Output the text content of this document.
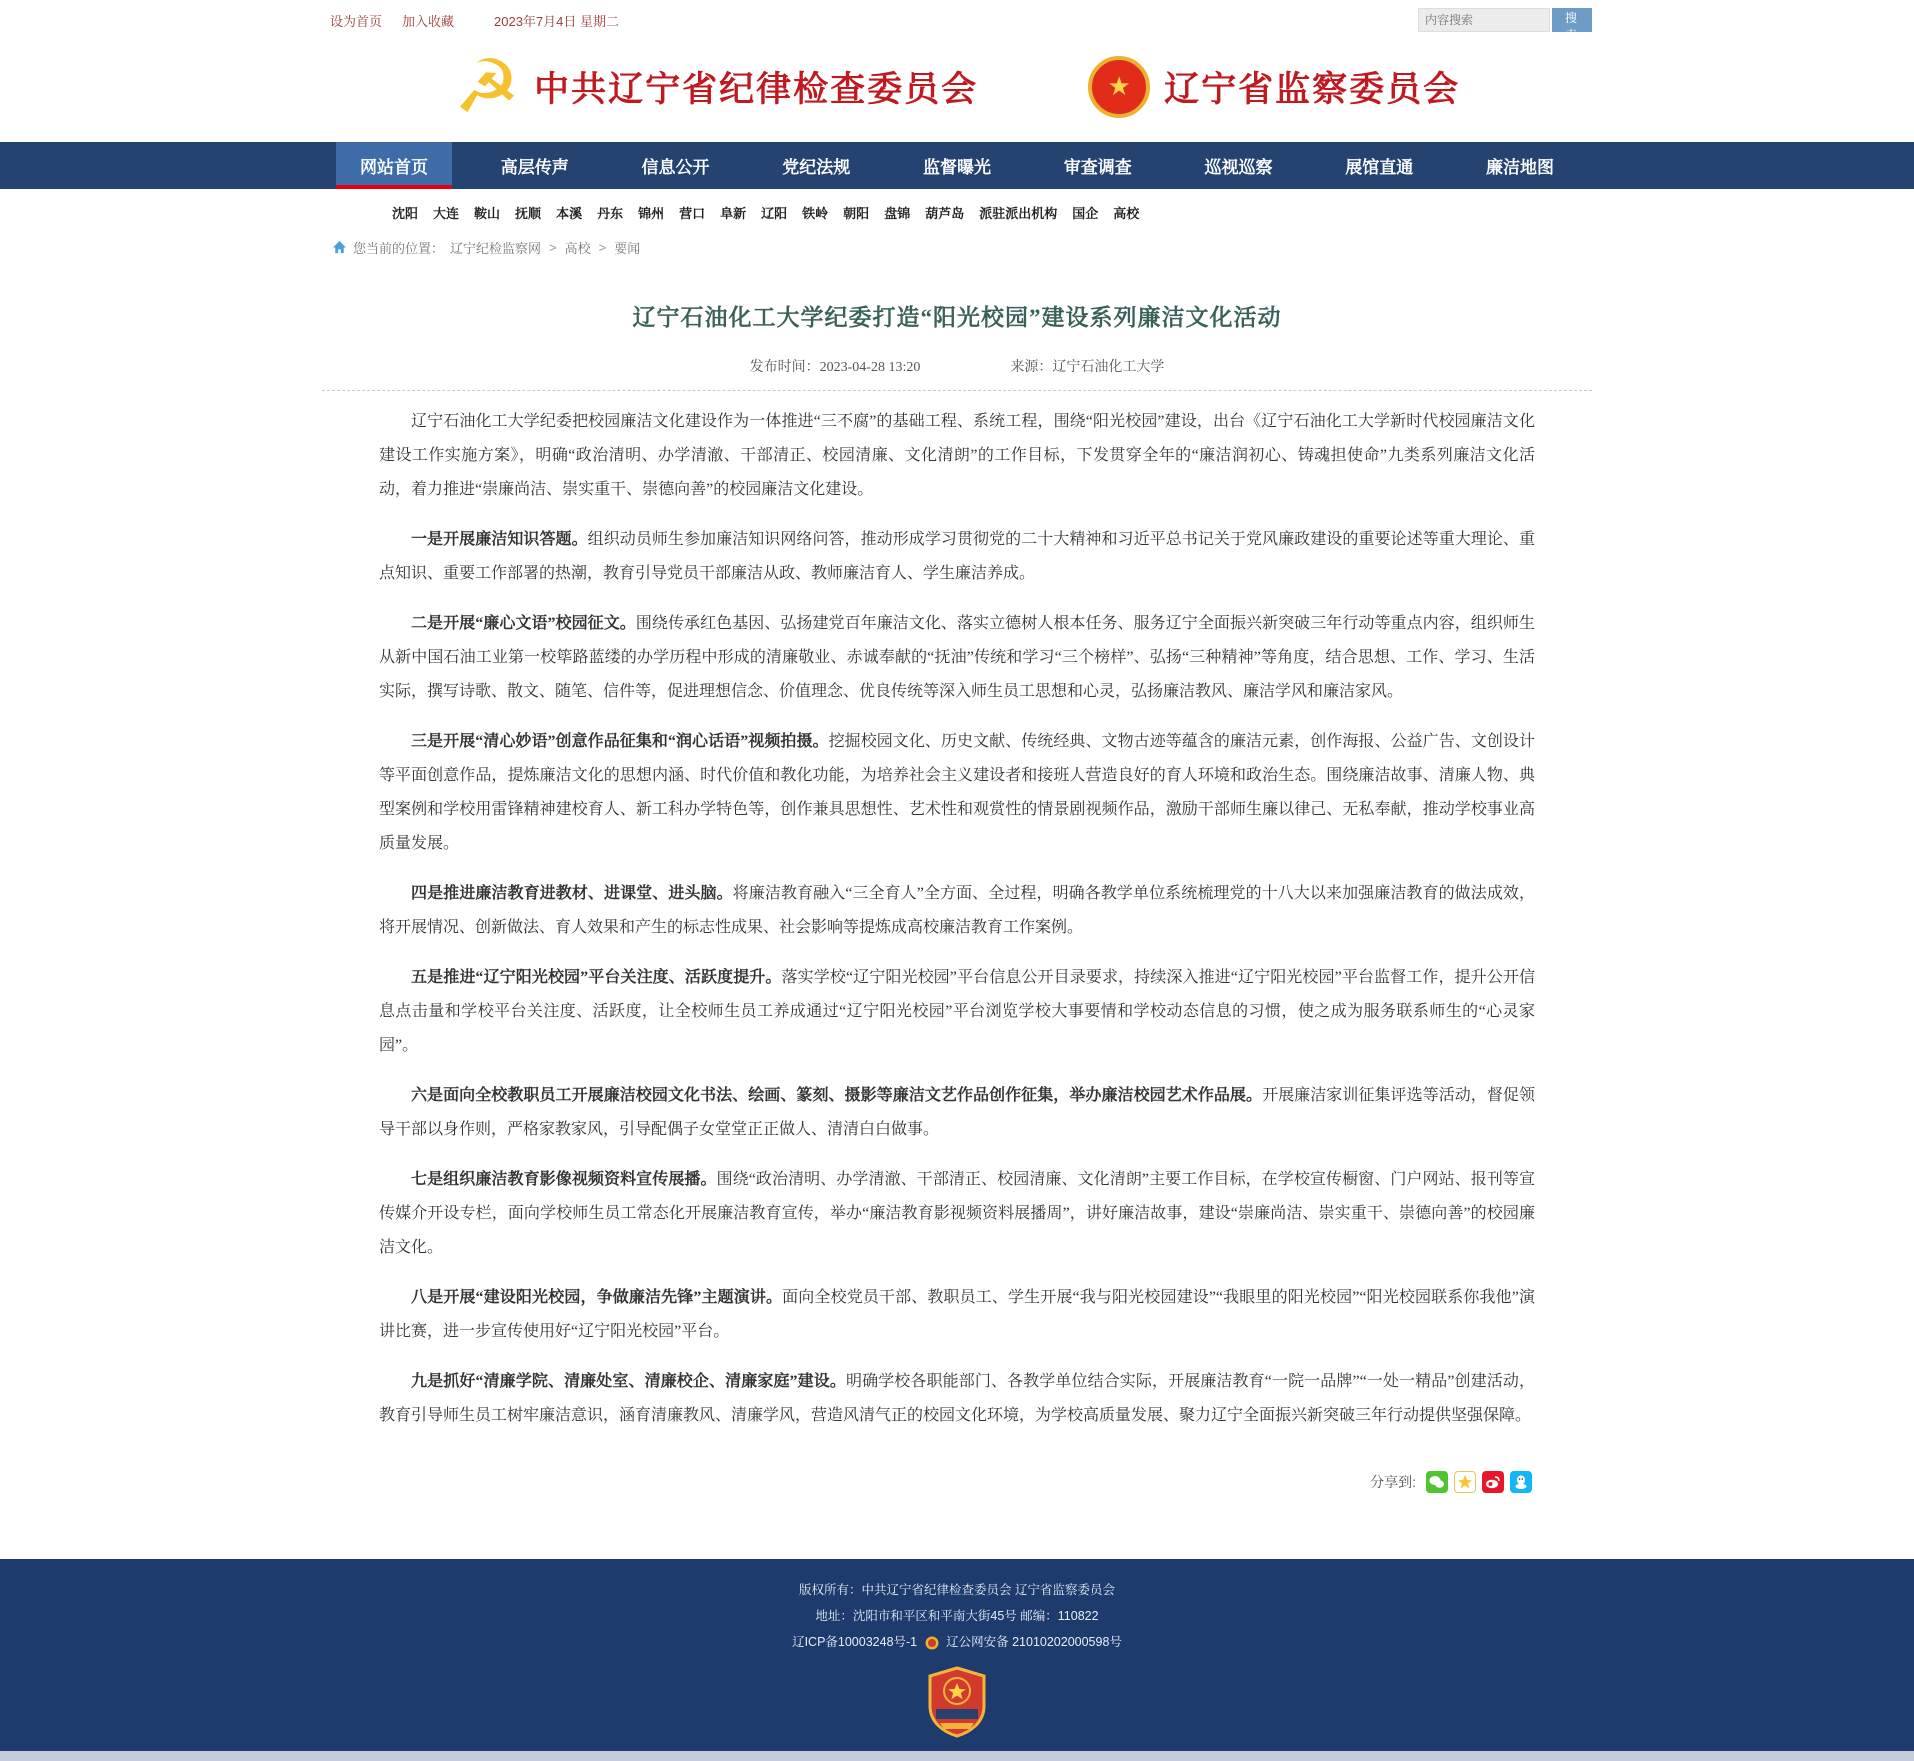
设为首页 加入收藏	2023年7月4日 星期二
内容搜索	搜 索
☭ 中共辽宁省纪律检查委员会	★ 辽宁省监察委员会
网站首页	高层传声	信息公开	党纪法规	监督曝光	审查调查	巡视巡察	展馆直通	廉洁地图
沈阳 大连 鞍山 抚顺 本溪 丹东 锦州 营口 阜新 辽阳 铁岭 朝阳 盘锦 葫芦岛 派驻派出机构 国企 高校
您当前的位置： 辽宁纪检监察网 > 高校 > 要闻
辽宁石油化工大学纪委打造“阳光校园”建设系列廉洁文化活动
发布时间：2023-04-28 13:20	来源：辽宁石油化工大学

辽宁石油化工大学纪委把校园廉洁文化建设作为一体推进“三不腐”的基础工程、系统工程，围绕“阳光校园”建设，出台《辽宁石油化工大学新时代校园廉洁文化建设工作实施方案》，明确“政治清明、办学清澈、干部清正、校园清廉、文化清朗”的工作目标，下发贯穿全年的“廉洁润初心、铸魂担使命”九类系列廉洁文化活动，着力推进“崇廉尚洁、崇实重干、崇德向善”的校园廉洁文化建设。

一是开展廉洁知识答题。组织动员师生参加廉洁知识网络问答，推动形成学习贯彻党的二十大精神和习近平总书记关于党风廉政建设的重要论述等重大理论、重点知识、重要工作部署的热潮，教育引导党员干部廉洁从政、教师廉洁育人、学生廉洁养成。

二是开展“廉心文语”校园征文。围绕传承红色基因、弘扬建党百年廉洁文化、落实立德树人根本任务、服务辽宁全面振兴新突破三年行动等重点内容，组织师生从新中国石油工业第一校筚路蓝缕的办学历程中形成的清廉敬业、赤诚奉献的“抚油”传统和学习“三个榜样”、弘扬“三种精神”等角度，结合思想、工作、学习、生活实际，撰写诗歌、散文、随笔、信件等，促进理想信念、价值理念、优良传统等深入师生员工思想和心灵，弘扬廉洁教风、廉洁学风和廉洁家风。

三是开展“清心妙语”创意作品征集和“润心话语”视频拍摄。挖掘校园文化、历史文献、传统经典、文物古迹等蕴含的廉洁元素，创作海报、公益广告、文创设计等平面创意作品，提炼廉洁文化的思想内涵、时代价值和教化功能，为培养社会主义建设者和接班人营造良好的育人环境和政治生态。围绕廉洁故事、清廉人物、典型案例和学校用雷锋精神建校育人、新工科办学特色等，创作兼具思想性、艺术性和观赏性的情景剧视频作品，激励干部师生廉以律己、无私奉献，推动学校事业高质量发展。

四是推进廉洁教育进教材、进课堂、进头脑。将廉洁教育融入“三全育人”全方面、全过程，明确各教学单位系统梳理党的十八大以来加强廉洁教育的做法成效，将开展情况、创新做法、育人效果和产生的标志性成果、社会影响等提炼成高校廉洁教育工作案例。

五是推进“辽宁阳光校园”平台关注度、活跃度提升。落实学校“辽宁阳光校园”平台信息公开目录要求，持续深入推进“辽宁阳光校园”平台监督工作，提升公开信息点击量和学校平台关注度、活跃度，让全校师生员工养成通过“辽宁阳光校园”平台浏览学校大事要情和学校动态信息的习惯，使之成为服务联系师生的“心灵家园”。

六是面向全校教职员工开展廉洁校园文化书法、绘画、篆刻、摄影等廉洁文艺作品创作征集，举办廉洁校园艺术作品展。开展廉洁家训征集评选等活动，督促领导干部以身作则，严格家教家风，引导配偶子女堂堂正正做人、清清白白做事。

七是组织廉洁教育影像视频资料宣传展播。围绕“政治清明、办学清澈、干部清正、校园清廉、文化清朗”主要工作目标，在学校宣传橱窗、门户网站、报刊等宣传媒介开设专栏，面向学校师生员工常态化开展廉洁教育宣传，举办“廉洁教育影视频资料展播周”，讲好廉洁故事，建设“崇廉尚洁、崇实重干、崇德向善”的校园廉洁文化。

八是开展“建设阳光校园，争做廉洁先锋”主题演讲。面向全校党员干部、教职员工、学生开展“我与阳光校园建设”“我眼里的阳光校园”“阳光校园联系你我他”演讲比赛，进一步宣传使用好“辽宁阳光校园”平台。

九是抓好“清廉学院、清廉处室、清廉校企、清廉家庭”建设。明确学校各职能部门、各教学单位结合实际，开展廉洁教育“一院一品牌”“一处一精品”创建活动，教育引导师生员工树牢廉洁意识，涵育清廉教风、清廉学风，营造风清气正的校园文化环境，为学校高质量发展、聚力辽宁全面振兴新突破三年行动提供坚强保障。

分享到:
版权所有：中共辽宁省纪律检查委员会 辽宁省监察委员会
地址：沈阳市和平区和平南大街45号 邮编：110822
辽ICP备10003248号-1 辽公网安备 21010202000598号
